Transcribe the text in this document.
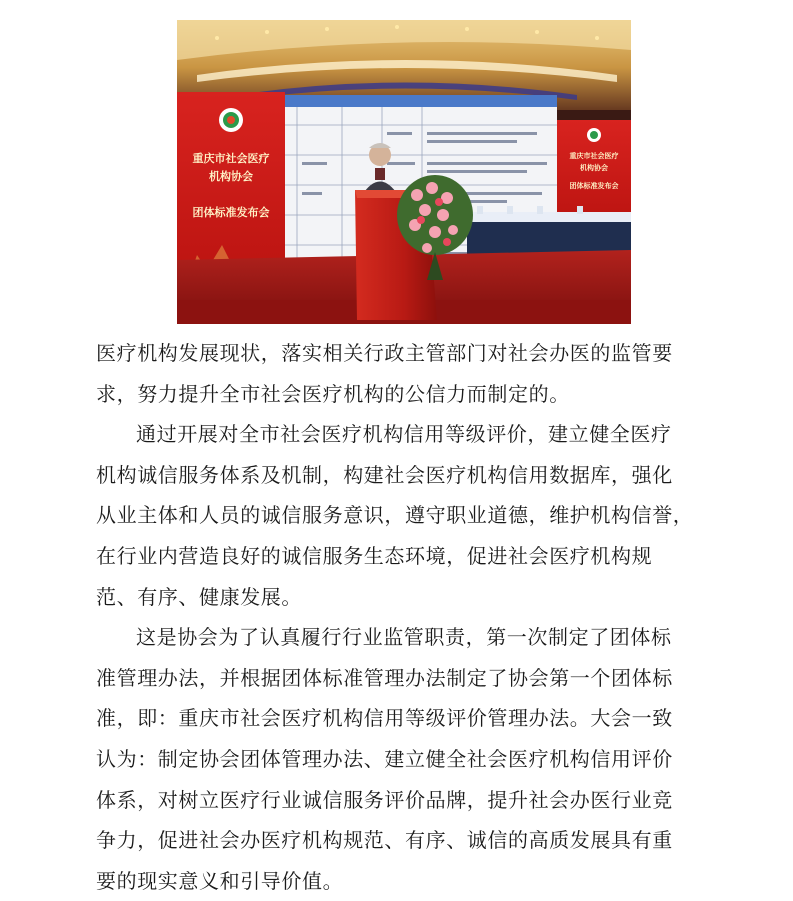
重庆市社会医疗
机构协会
团体标准发布会
重庆市社会医疗
机构协会
团体标准发布会

医疗机构发展现状，落实相关行政主管部门对社会办医的监管要
求，努力提升全市社会医疗机构的公信力而制定的。

通过开展对全市社会医疗机构信用等级评价，建立健全医疗
机构诚信服务体系及机制，构建社会医疗机构信用数据库，强化
从业主体和人员的诚信服务意识，遵守职业道德，维护机构信誉，
在行业内营造良好的诚信服务生态环境，促进社会医疗机构规
范、有序、健康发展。

这是协会为了认真履行行业监管职责，第一次制定了团体标
准管理办法，并根据团体标准管理办法制定了协会第一个团体标
准，即：重庆市社会医疗机构信用等级评价管理办法。大会一致
认为：制定协会团体管理办法、建立健全社会医疗机构信用评价
体系，对树立医疗行业诚信服务评价品牌，提升社会办医行业竞
争力，促进社会办医疗机构规范、有序、诚信的高质发展具有重
要的现实意义和引导价值。
